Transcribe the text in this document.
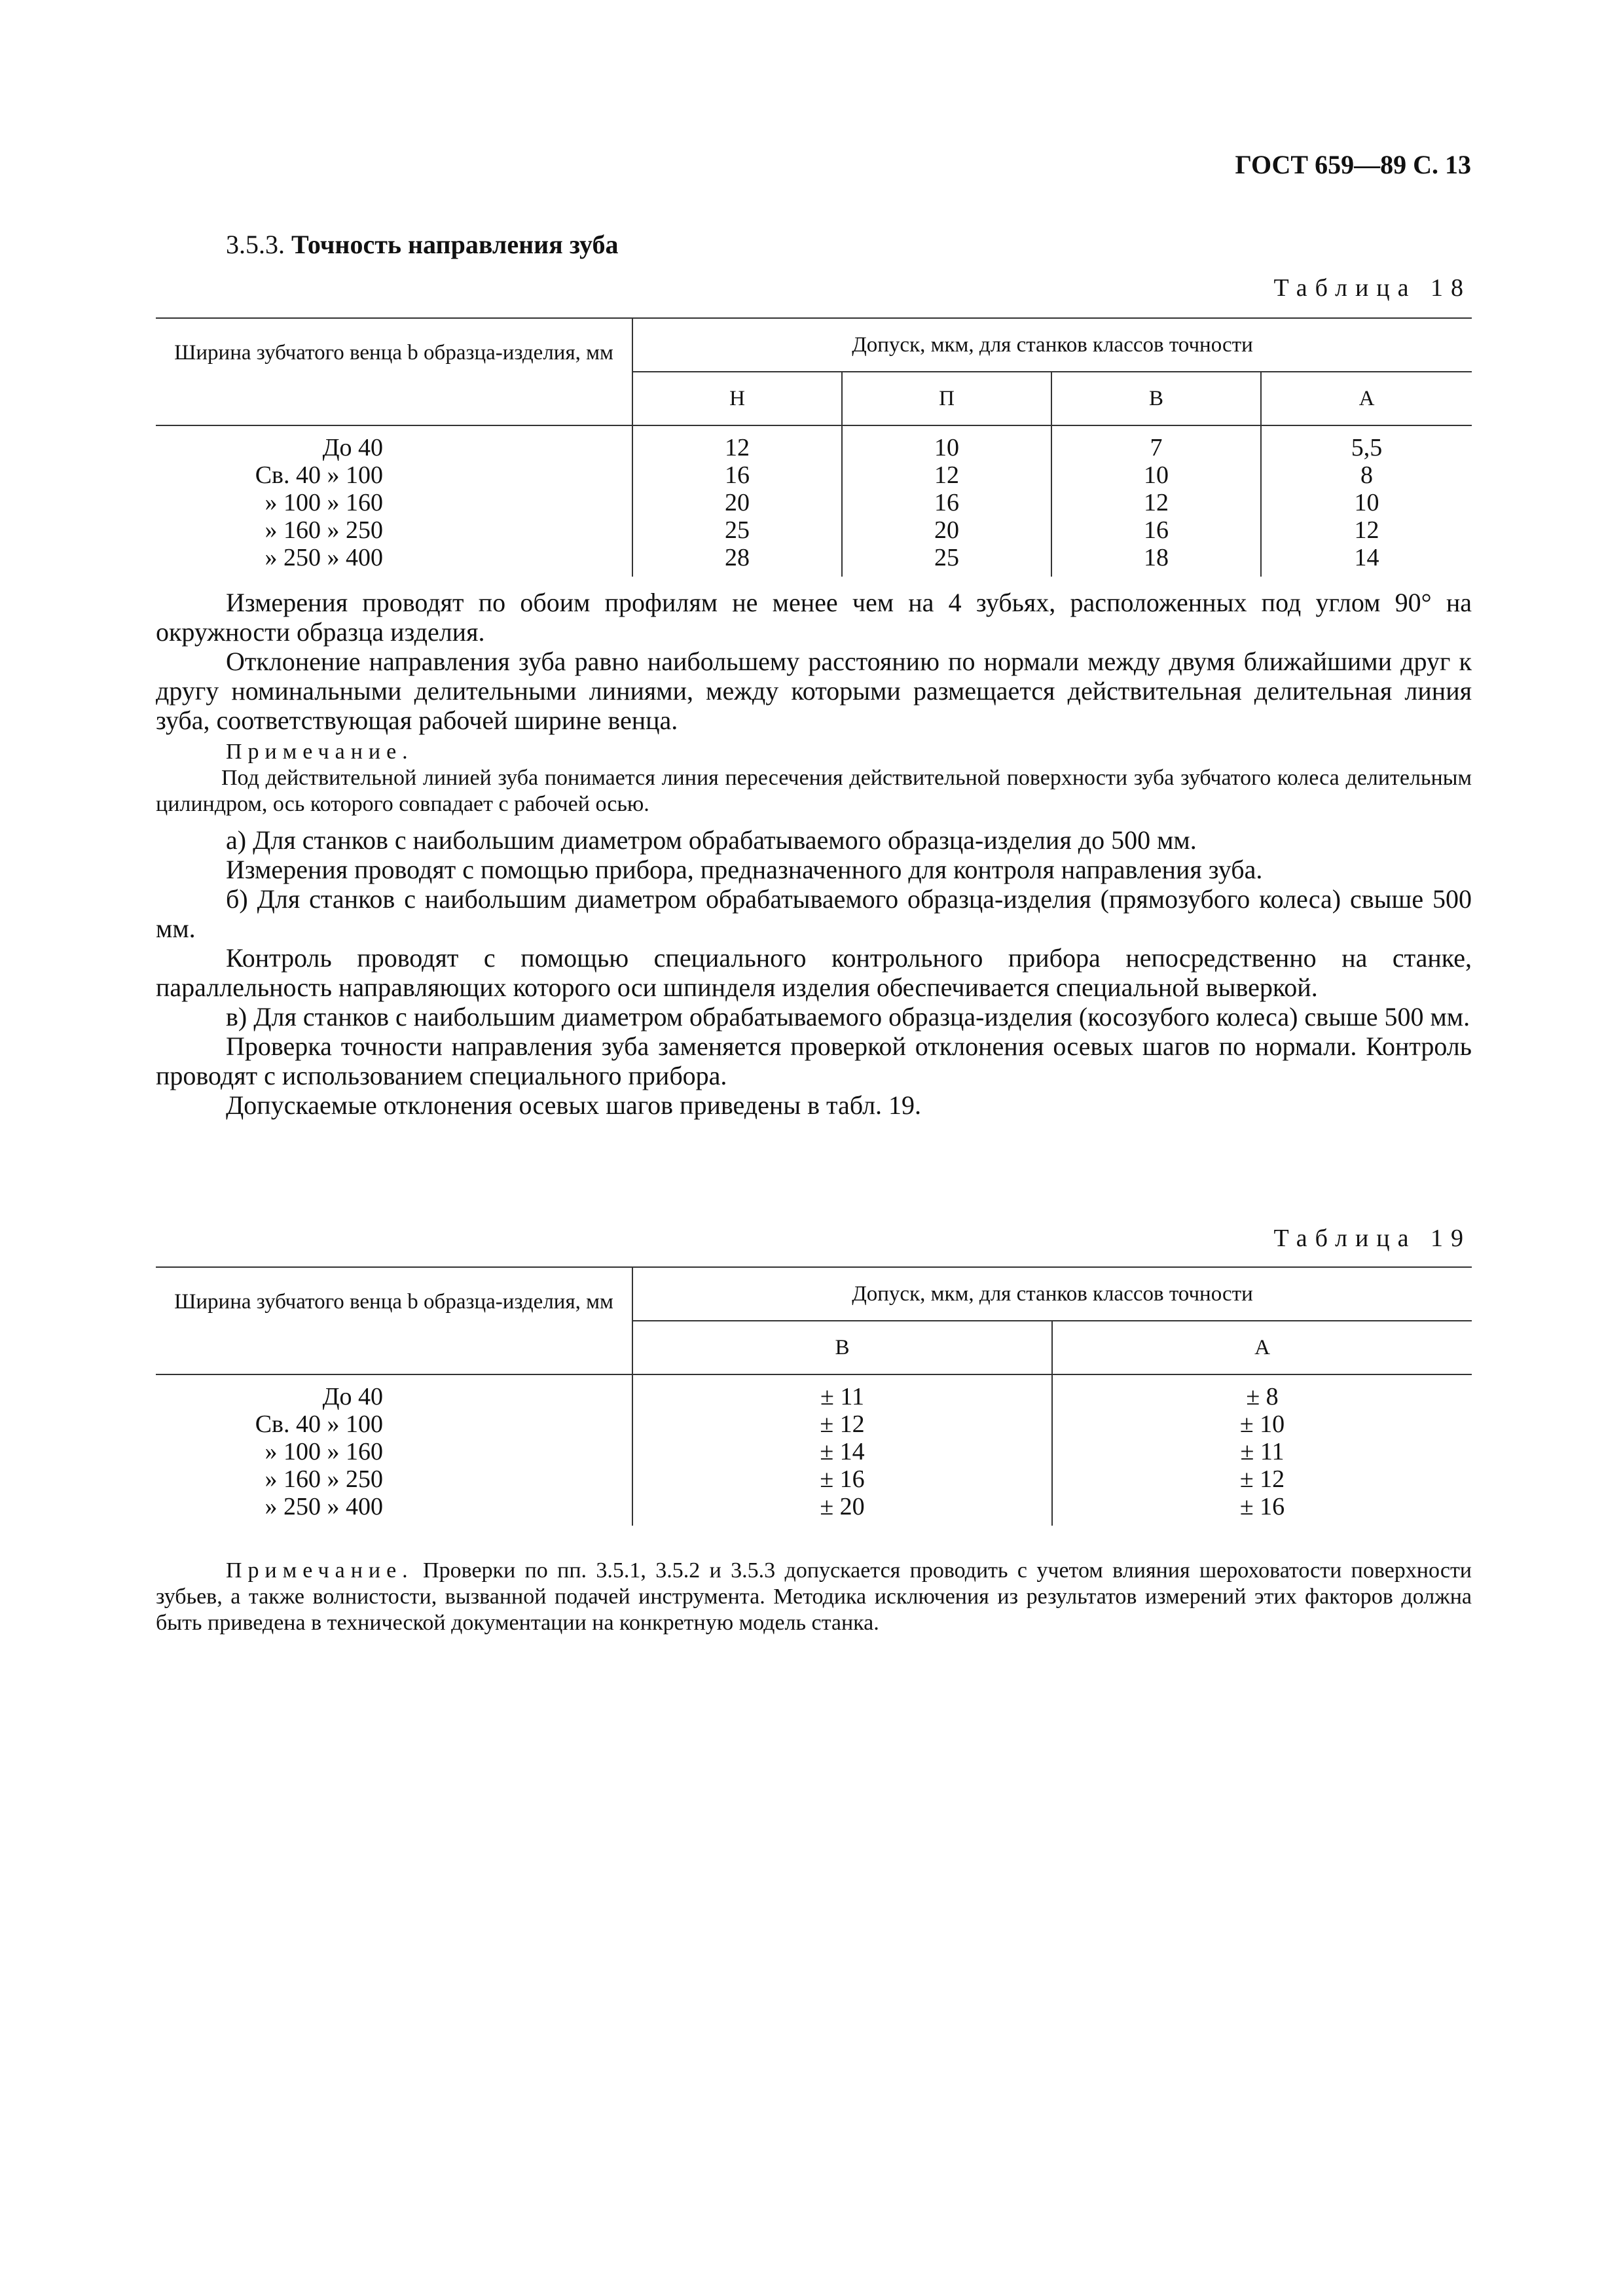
ГОСТ 659—89 С. 13
3.5.3. Точность направления зуба
Таблица 18
Ширина зубчатого венца b образца-изделия, мм	Допуск, мкм, для станков классов точности			
	Н	П	В	А
До 40	12	10	7	5,5
Св. 40 » 100	16	12	10	8
» 100 » 160	20	16	12	10
» 160 » 250	25	20	16	12
» 250 » 400	28	25	18	14

Измерения проводят по обоим профилям не менее чем на 4 зубьях, расположенных под углом 90° на окружности образца изделия.

Отклонение направления зуба равно наибольшему расстоянию по нормали между двумя ближайшими друг к другу номинальными делительными линиями, между которыми размещается действительная делительная линия зуба, соответствующая рабочей ширине венца.

Примечание.

Под действительной линией зуба понимается линия пересечения действительной поверхности зуба зубчатого колеса делительным цилиндром, ось которого совпадает с рабочей осью.

а) Для станков с наибольшим диаметром обрабатываемого образца-изделия до 500 мм.

Измерения проводят с помощью прибора, предназначенного для контроля направления зуба.

б) Для станков с наибольшим диаметром обрабатываемого образца-изделия (прямозубого колеса) свыше 500 мм.

Контроль проводят с помощью специального контрольного прибора непосредственно на станке, параллельность направляющих которого оси шпинделя изделия обеспечивается специальной выверкой.

в) Для станков с наибольшим диаметром обрабатываемого образца-изделия (косозубого колеса) свыше 500 мм.

Проверка точности направления зуба заменяется проверкой отклонения осевых шагов по нормали. Контроль проводят с использованием специального прибора.

Допускаемые отклонения осевых шагов приведены в табл. 19.

Таблица 19
Ширина зубчатого венца b образца-изделия, мм	Допуск, мкм, для станков классов точности	
	В	А
До 40	± 11	± 8
Св. 40 » 100	± 12	± 10
» 100 » 160	± 14	± 11
» 160 » 250	± 16	± 12
» 250 » 400	± 20	± 16

Примечание. Проверки по пп. 3.5.1, 3.5.2 и 3.5.3 допускается проводить с учетом влияния шероховатости поверхности зубьев, а также волнистости, вызванной подачей инструмента. Методика исключения из результатов измерений этих факторов должна быть приведена в технической документации на конкретную модель станка.
